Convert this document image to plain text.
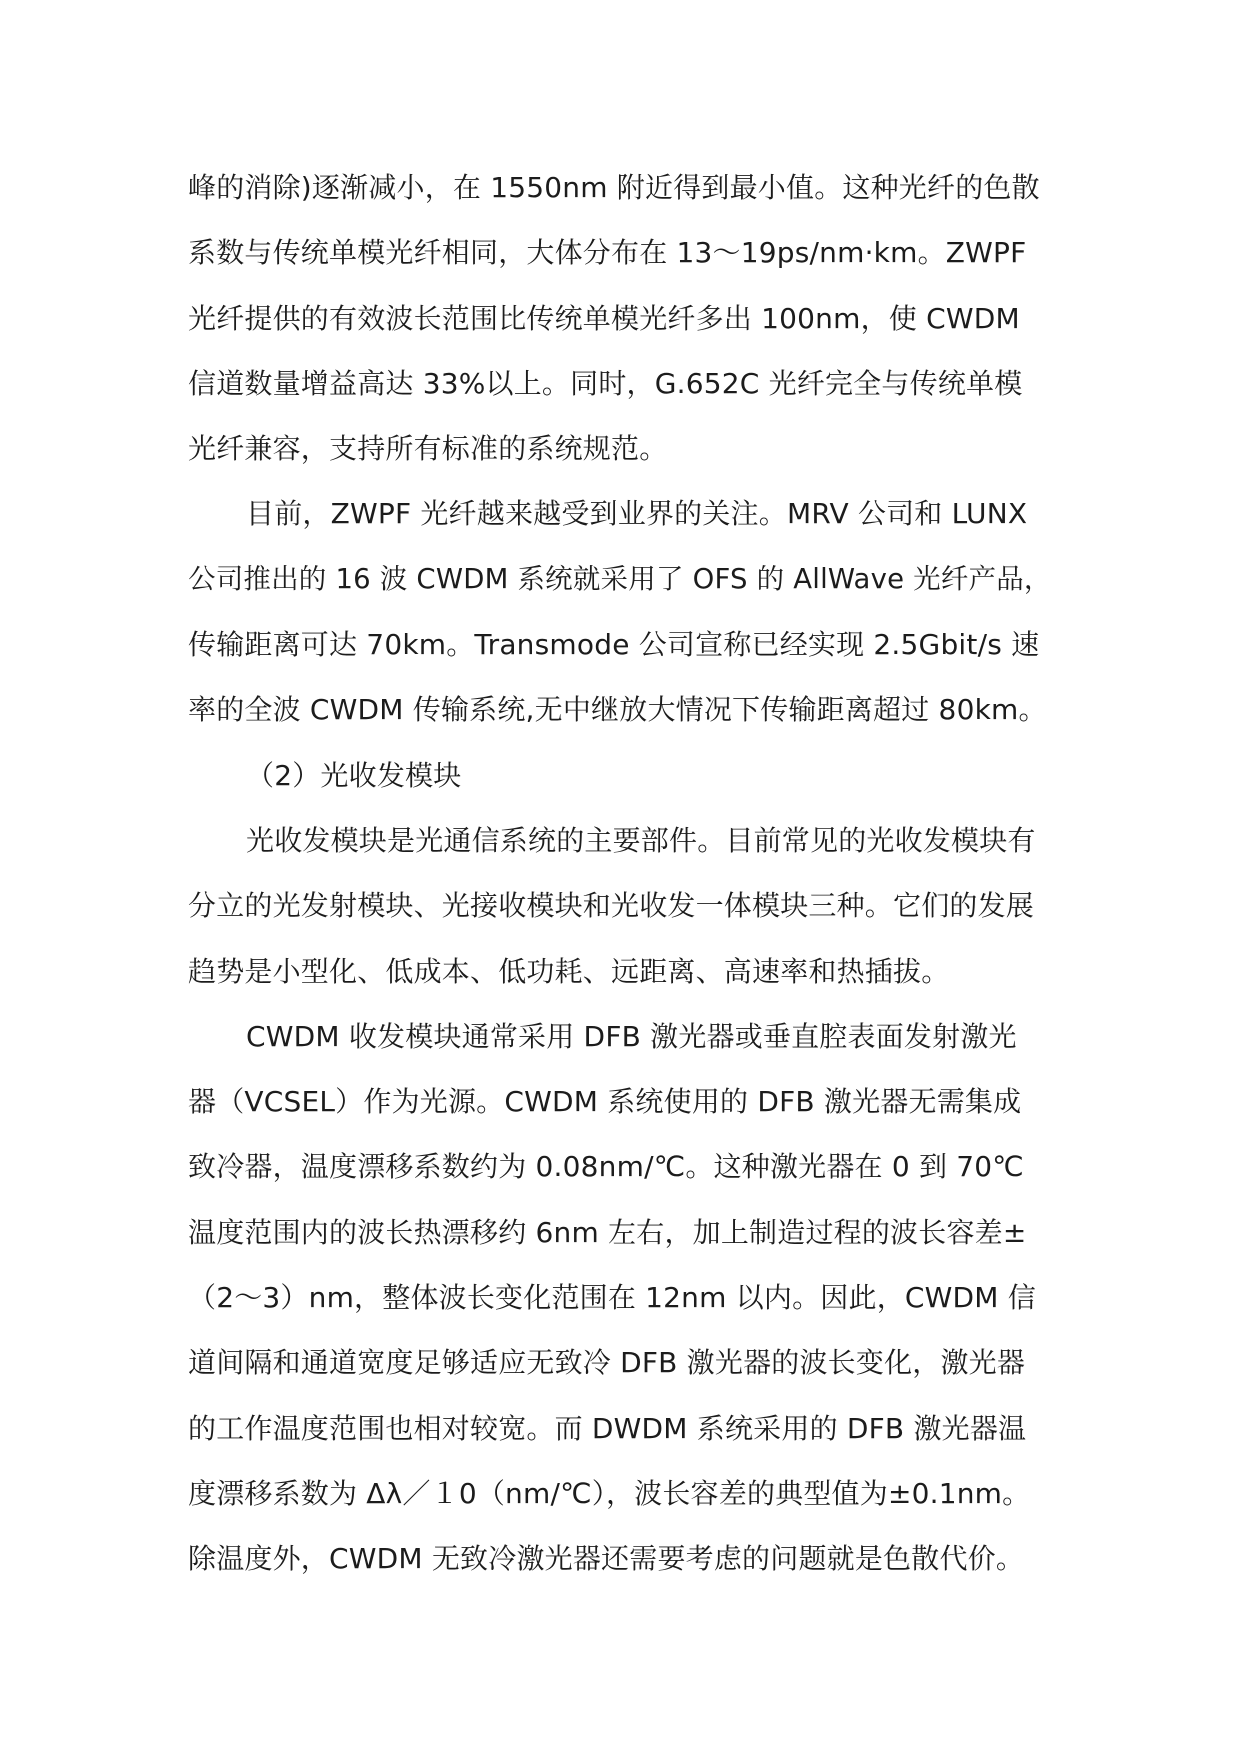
峰的消除)逐渐减小，在 1550nm 附近得到最小值。这种光纤的色散
系数与传统单模光纤相同，大体分布在 13～19ps/nm·km。ZWPF
光纤提供的有效波长范围比传统单模光纤多出 100nm，使 CWDM
信道数量增益高达 33%以上。同时，G.652C 光纤完全与传统单模
光纤兼容，支持所有标准的系统规范。
目前，ZWPF 光纤越来越受到业界的关注。MRV 公司和 LUNX
公司推出的 16 波 CWDM 系统就采用了 OFS 的 AllWave 光纤产品，
传输距离可达 70km。Transmode 公司宣称已经实现 2.5Gbit/s 速
率的全波 CWDM 传输系统,无中继放大情况下传输距离超过 80km。
（2）光收发模块
光收发模块是光通信系统的主要部件。目前常见的光收发模块有
分立的光发射模块、光接收模块和光收发一体模块三种。它们的发展
趋势是小型化、低成本、低功耗、远距离、高速率和热插拔。
CWDM 收发模块通常采用 DFB 激光器或垂直腔表面发射激光
器（VCSEL）作为光源。CWDM 系统使用的 DFB 激光器无需集成
致冷器，温度漂移系数约为 0.08nm/℃。这种激光器在 0 到 70℃
温度范围内的波长热漂移约 6nm 左右，加上制造过程的波长容差±
（2～3）nm，整体波长变化范围在 12nm 以内。因此，CWDM 信
道间隔和通道宽度足够适应无致冷 DFB 激光器的波长变化，激光器
的工作温度范围也相对较宽。而 DWDM 系统采用的 DFB 激光器温
度漂移系数为 Δλ／１0（nm/℃），波长容差的典型值为±0.1nm。
除温度外，CWDM 无致冷激光器还需要考虑的问题就是色散代价。
